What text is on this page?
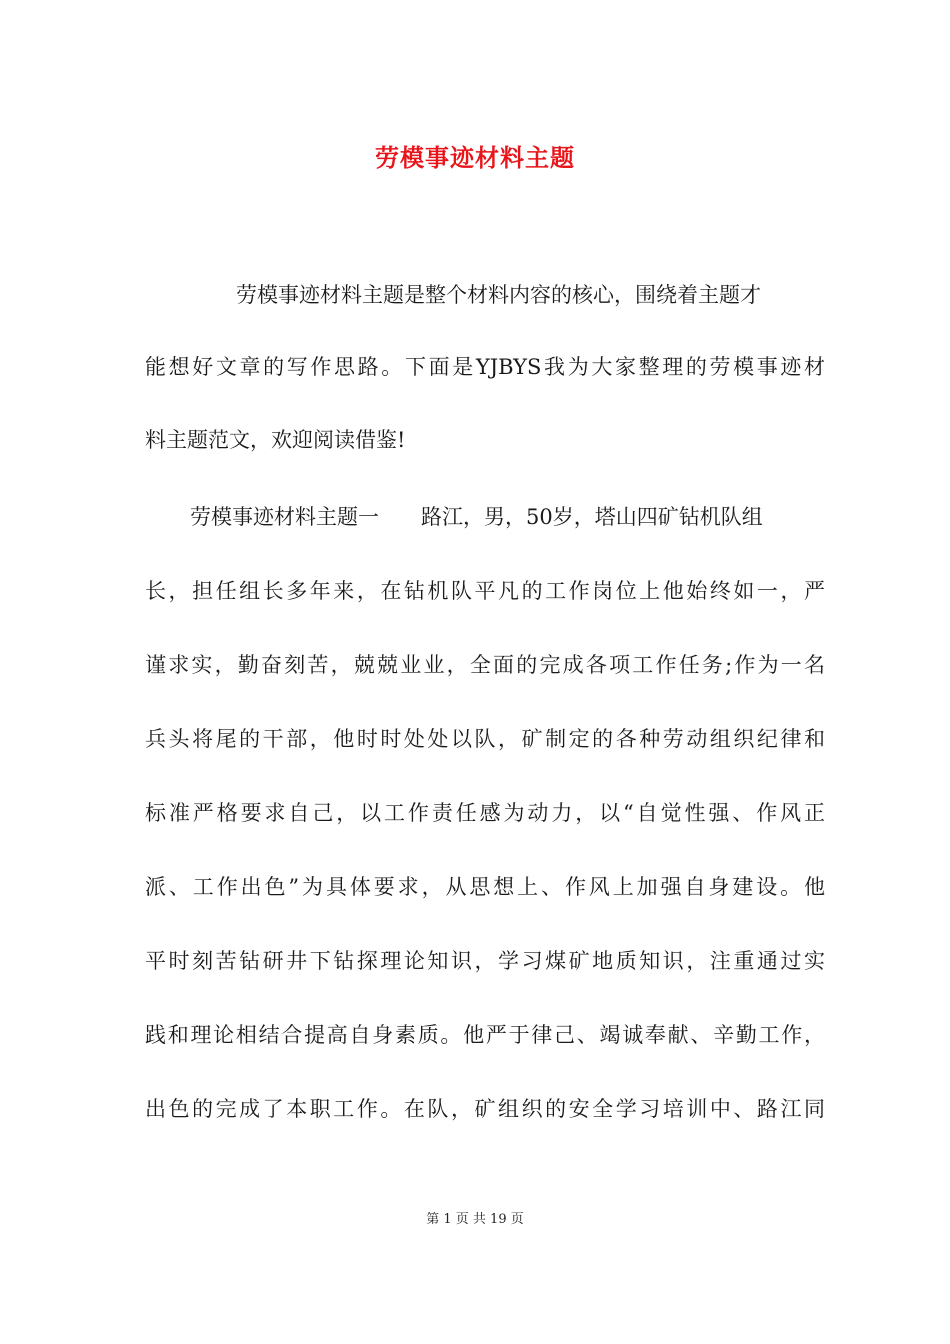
劳模事迹材料主题
劳模事迹材料主题是整个材料内容的核心，围绕着主题才
能想好文章的写作思路。下面是YJBYS我为大家整理的劳模事迹材
料主题范文，欢迎阅读借鉴!
劳模事迹材料主题一　　路江，男，50岁，塔山四矿钻机队组
长，担任组长多年来，在钻机队平凡的工作岗位上他始终如一，严
谨求实，勤奋刻苦，兢兢业业，全面的完成各项工作任务;作为一名
兵头将尾的干部，他时时处处以队，矿制定的各种劳动组织纪律和
标准严格要求自己，以工作责任感为动力，以“自觉性强、作风正
派、工作出色”为具体要求，从思想上、作风上加强自身建设。他
平时刻苦钻研井下钻探理论知识，学习煤矿地质知识，注重通过实
践和理论相结合提高自身素质。他严于律己、竭诚奉献、辛勤工作，
出色的完成了本职工作。在队，矿组织的安全学习培训中、路江同
第 1 页 共 19 页
